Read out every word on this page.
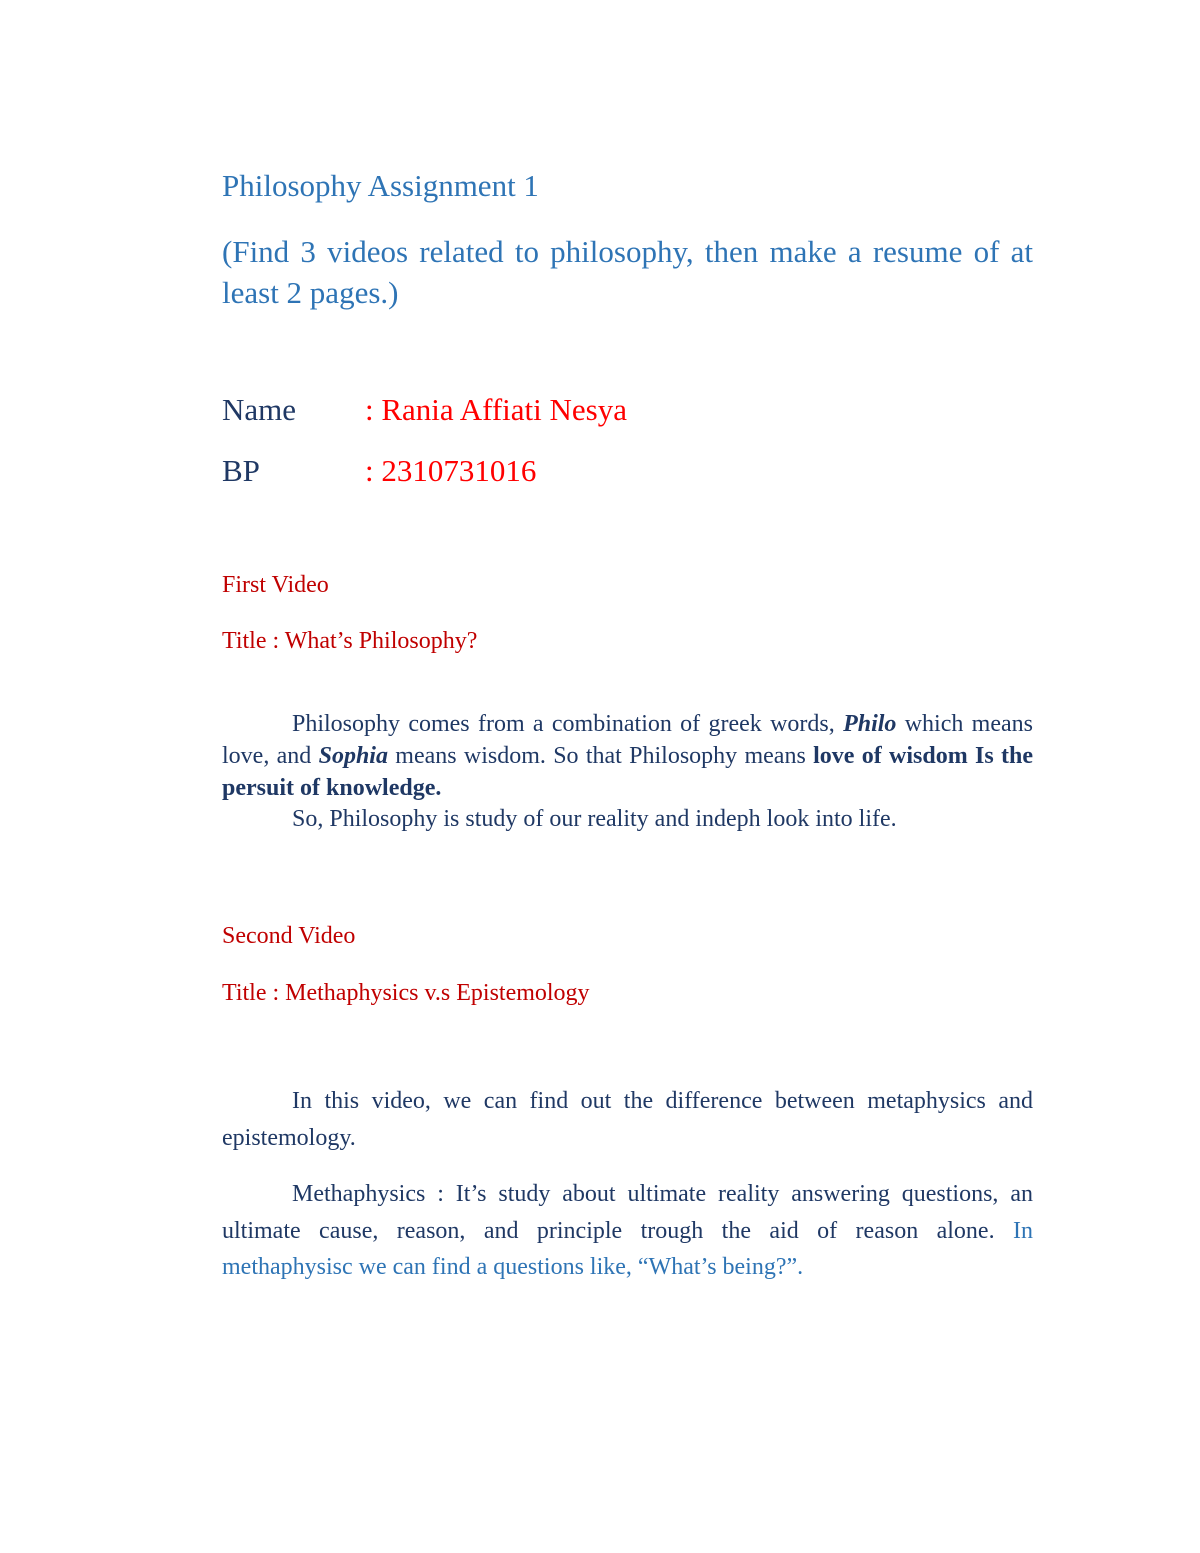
Philosophy Assignment 1

(Find 3 videos related to philosophy, then make a resume of at least 2 pages.)

Name : Rania Affiati Nesya
BP	: 2310731016

First Video

Title : What’s Philosophy?

Philosophy comes from a combination of greek words, Philo which means love, and Sophia means wisdom. So that Philosophy means love of wisdom Is the persuit of knowledge.

So, Philosophy is study of our reality and indeph look into life.

Second Video

Title : Methaphysics v.s Epistemology

In this video, we can find out the difference between metaphysics and epistemology.

Methaphysics : It’s study about ultimate reality answering questions, an ultimate cause, reason, and principle trough the aid of reason alone. In methaphysisc we can find a questions like, “What’s being?”.
